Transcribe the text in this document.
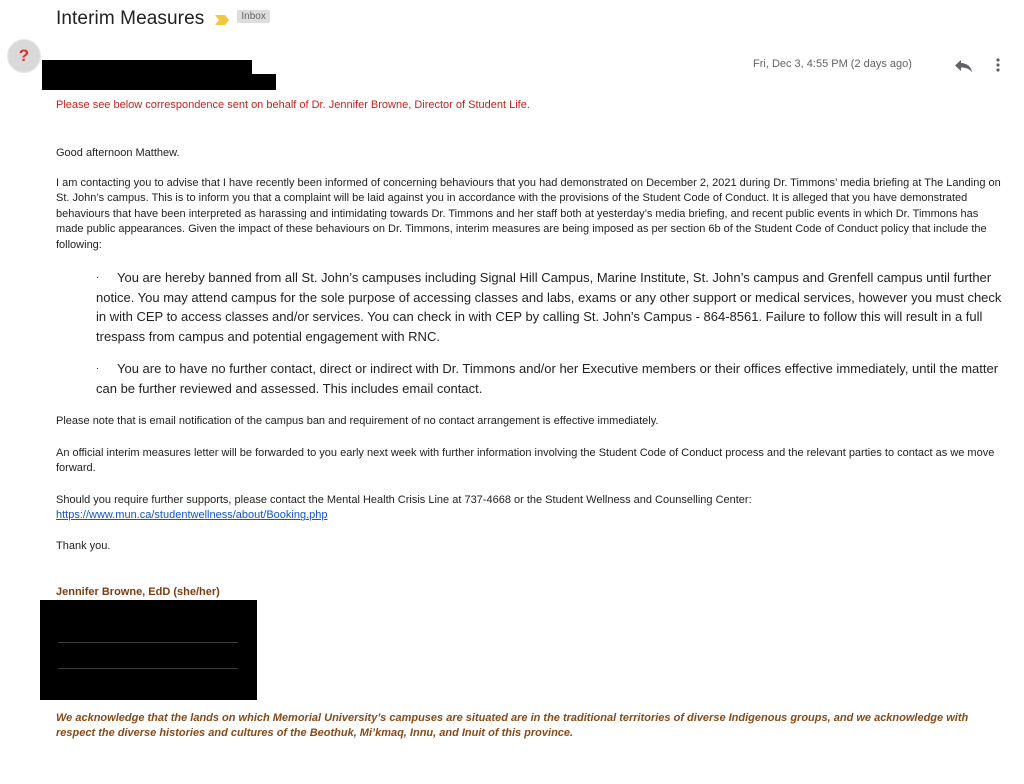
Interim Measures	Inbox
?	Fri, Dec 3, 4:55 PM (2 days ago)

Please see below correspondence sent on behalf of Dr. Jennifer Browne, Director of Student Life.

Good afternoon Matthew.

I am contacting you to advise that I have recently been informed of concerning behaviours that you had demonstrated on December 2, 2021 during Dr. Timmons’ media briefing at The Landing on St. John’s campus. This is to inform you that a complaint will be laid against you in accordance with the provisions of the Student Code of Conduct. It is alleged that you have demonstrated behaviours that have been interpreted as harassing and intimidating towards Dr. Timmons and her staff both at yesterday’s media briefing, and recent public events in which Dr. Timmons has made public appearances. Given the impact of these behaviours on Dr. Timmons, interim measures are being imposed as per section 6b of the Student Code of Conduct policy that include the following:

· You are hereby banned from all St. John’s campuses including Signal Hill Campus, Marine Institute, St. John’s campus and Grenfell campus until further notice. You may attend campus for the sole purpose of accessing classes and labs, exams or any other support or medical services, however you must check in with CEP to access classes and/or services. You can check in with CEP by calling St. John's Campus - 864-8561. Failure to follow this will result in a full trespass from campus and potential engagement with RNC.

· You are to have no further contact, direct or indirect with Dr. Timmons and/or her Executive members or their offices effective immediately, until the matter can be further reviewed and assessed. This includes email contact.

Please note that is email notification of the campus ban and requirement of no contact arrangement is effective immediately.

An official interim measures letter will be forwarded to you early next week with further information involving the Student Code of Conduct process and the relevant parties to contact as we move forward.

Should you require further supports, please contact the Mental Health Crisis Line at 737-4668 or the Student Wellness and Counselling Center: https://www.mun.ca/studentwellness/about/Booking.php

Thank you.

Jennifer Browne, EdD (she/her)

We acknowledge that the lands on which Memorial University’s campuses are situated are in the traditional territories of diverse Indigenous groups, and we acknowledge with respect the diverse histories and cultures of the Beothuk, Mi’kmaq, Innu, and Inuit of this province.
